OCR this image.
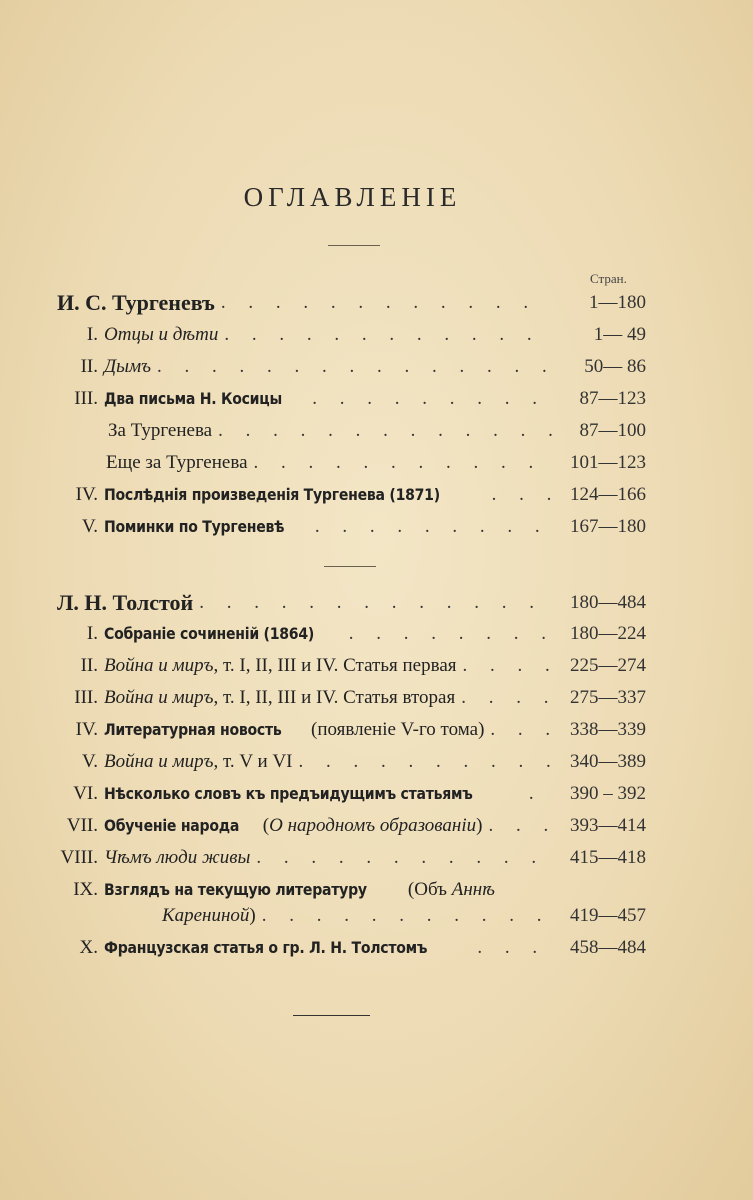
ОГЛАВЛЕНІЕ
Стран.
И. С. Тургеневъ . . .	1—180
I. Отцы и дѣти . . .	1— 49
II. Дымъ . . .	50— 86
III. Два письма Н. Косицы . . .	87—123
За Тургенева . . .	87—100
Еще за Тургенева . . .	101—123
IV. Послѣднія произведенія Тургенева (1871) . . .	124—166
V. Поминки по Тургеневѣ . . .	167—180
Л. Н. Толстой . . .	180—484
I. Собраніе сочиненій (1864) . . .	180—224
II. Война и миръ, т. I, II, III и IV. Статья первая . . .	225—274
III. Война и миръ, т. I, II, III и IV. Статья вторая . . .	275—337
IV. Литературная новость (появленіе V-го тома) . . .	338—339
V. Война и миръ, т. V и VI . . .	340—389
VI. Нѣсколько словъ къ предъидущимъ статьямъ . . .	390 – 392
VII. Обученіе народа (О народномъ образованіи) . . .	393—414
VIII. Чѣмъ люди живы . . .	415—418
IX. Взглядъ на текущую литературу (Объ Аннѣ
Карениной) . . .	419—457
X. Французская статья о гр. Л. Н. Толстомъ . . .	458—484
